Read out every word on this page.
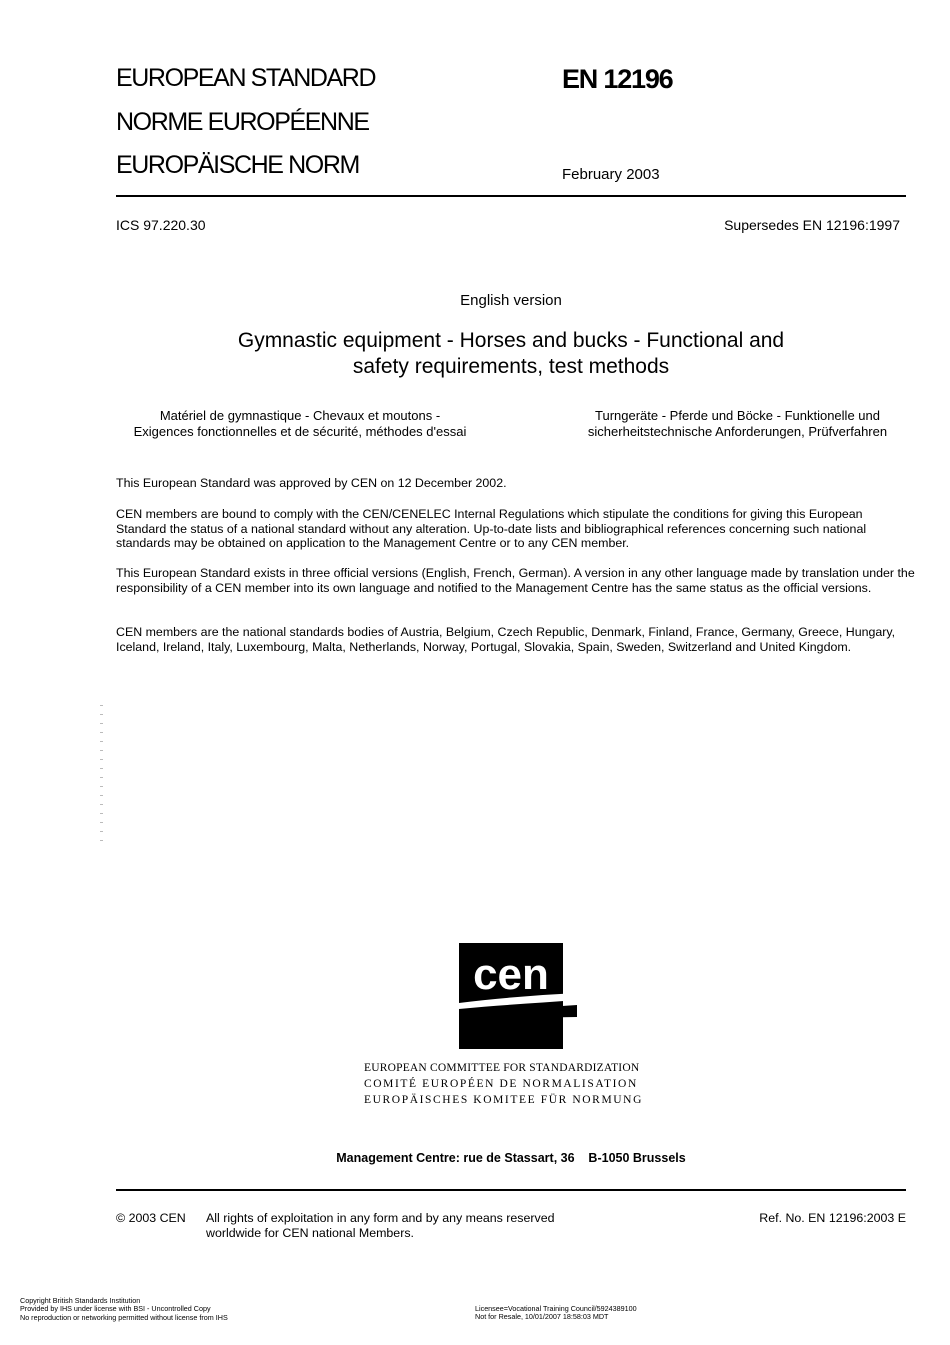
EUROPEAN STANDARD
NORME EUROPÉENNE
EUROPÄISCHE NORM
EN 12196
February 2003
ICS 97.220.30	Supersedes EN 12196:1997
English version
Gymnastic equipment - Horses and bucks - Functional and
safety requirements, test methods
Matériel de gymnastique - Chevaux et moutons -
Exigences fonctionnelles et de sécurité, méthodes d'essai
Turngeräte - Pferde und Böcke - Funktionelle und
sicherheitstechnische Anforderungen, Prüfverfahren
This European Standard was approved by CEN on 12 December 2002.
CEN members are bound to comply with the CEN/CENELEC Internal Regulations which stipulate the conditions for giving this European Standard the status of a national standard without any alteration. Up-to-date lists and bibliographical references concerning such national standards may be obtained on application to the Management Centre or to any CEN member.
This European Standard exists in three official versions (English, French, German). A version in any other language made by translation under the responsibility of a CEN member into its own language and notified to the Management Centre has the same status as the official versions.
CEN members are the national standards bodies of Austria, Belgium, Czech Republic, Denmark, Finland, France, Germany, Greece, Hungary, Iceland, Ireland, Italy, Luxembourg, Malta, Netherlands, Norway, Portugal, Slovakia, Spain, Sweden, Switzerland and United Kingdom.
cen
EUROPEAN COMMITTEE FOR STANDARDIZATION
COMITÉ EUROPÉEN DE NORMALISATION
EUROPÄISCHES KOMITEE FÜR NORMUNG
Management Centre: rue de Stassart, 36    B-1050 Brussels
© 2003 CEN All rights of exploitation in any form and by any means reserved
worldwide for CEN national Members.
Ref. No. EN 12196:2003 E
Copyright British Standards Institution
Provided by IHS under license with BSI - Uncontrolled Copy
No reproduction or networking permitted without license from IHS
Licensee=Vocational Training Council/5924389100
Not for Resale, 10/01/2007 18:58:03 MDT
